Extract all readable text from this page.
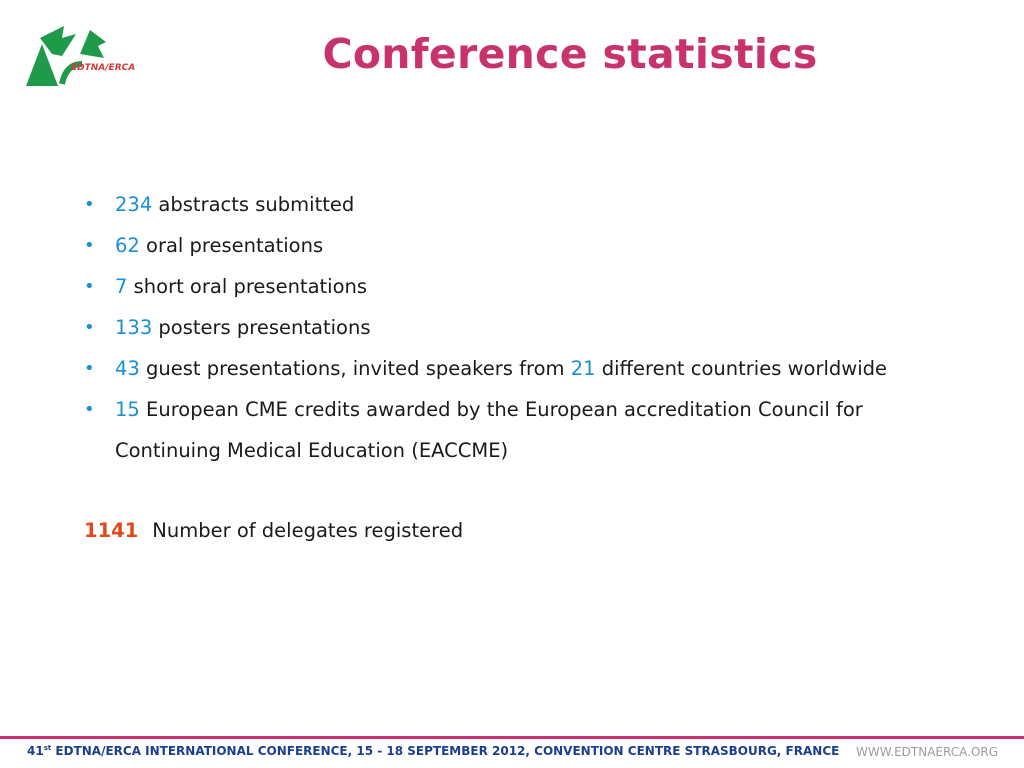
EDTNA/ERCA	Conference statistics
• 234 abstracts submitted
• 62 oral presentations
• 7 short oral presentations
• 133 posters presentations
• 43 guest presentations, invited speakers from 21 different countries worldwide
• 15 European CME credits awarded by the European accreditation Council for
Continuing Medical Education (EACCME)
1141 Number of delegates registered
41st EDTNA/ERCA INTERNATIONAL CONFERENCE, 15 - 18 SEPTEMBER 2012, CONVENTION CENTRE STRASBOURG, FRANCE WWW.EDTNAERCA.ORG
